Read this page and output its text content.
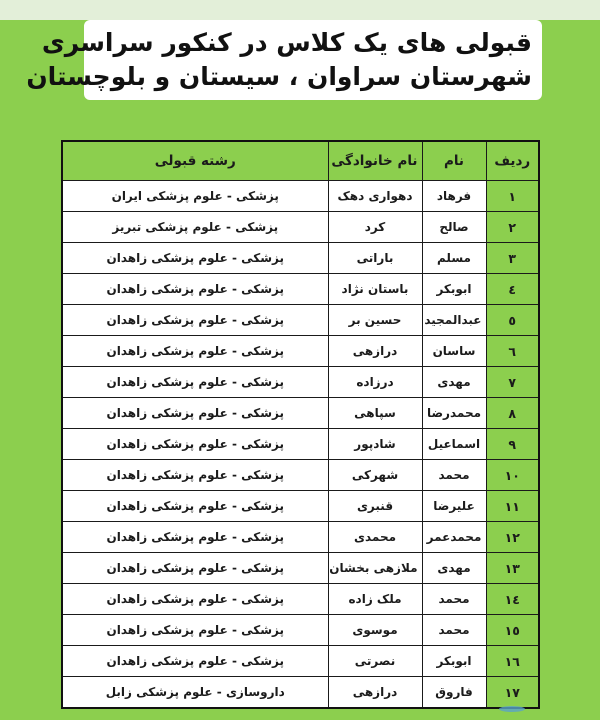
قبولی های یک کلاس در کنکور سراسری
شهرستان سراوان ، سیستان و بلوچستان
ردیف	نام	نام خانوادگی	رشته قبولی
۱	فرهاد	دهواری دهک	پزشکی - علوم پزشکی ایران
۲	صالح	کرد	پزشکی - علوم پزشکی تبریز
۳	مسلم	باراتی	پزشکی - علوم پزشکی زاهدان
٤	ابوبکر	باستان نژاد	پزشکی - علوم پزشکی زاهدان
٥	عبدالمجید	حسین بر	پزشکی - علوم پزشکی زاهدان
٦	ساسان	درازهی	پزشکی - علوم پزشکی زاهدان
۷	مهدی	درزاده	پزشکی - علوم پزشکی زاهدان
۸	محمدرضا	سپاهی	پزشکی - علوم پزشکی زاهدان
۹	اسماعیل	شادپور	پزشکی - علوم پزشکی زاهدان
۱۰	محمد	شهرکی	پزشکی - علوم پزشکی زاهدان
۱۱	علیرضا	قنبری	پزشکی - علوم پزشکی زاهدان
۱۲	محمدعمر	محمدی	پزشکی - علوم پزشکی زاهدان
۱۳	مهدی	ملازهی بخشان	پزشکی - علوم پزشکی زاهدان
۱٤	محمد	ملک زاده	پزشکی - علوم پزشکی زاهدان
۱٥	محمد	موسوی	پزشکی - علوم پزشکی زاهدان
۱٦	ابوبکر	نصرتی	پزشکی - علوم پزشکی زاهدان
۱۷	فاروق	درازهی	داروسازی - علوم پزشکی زابل
